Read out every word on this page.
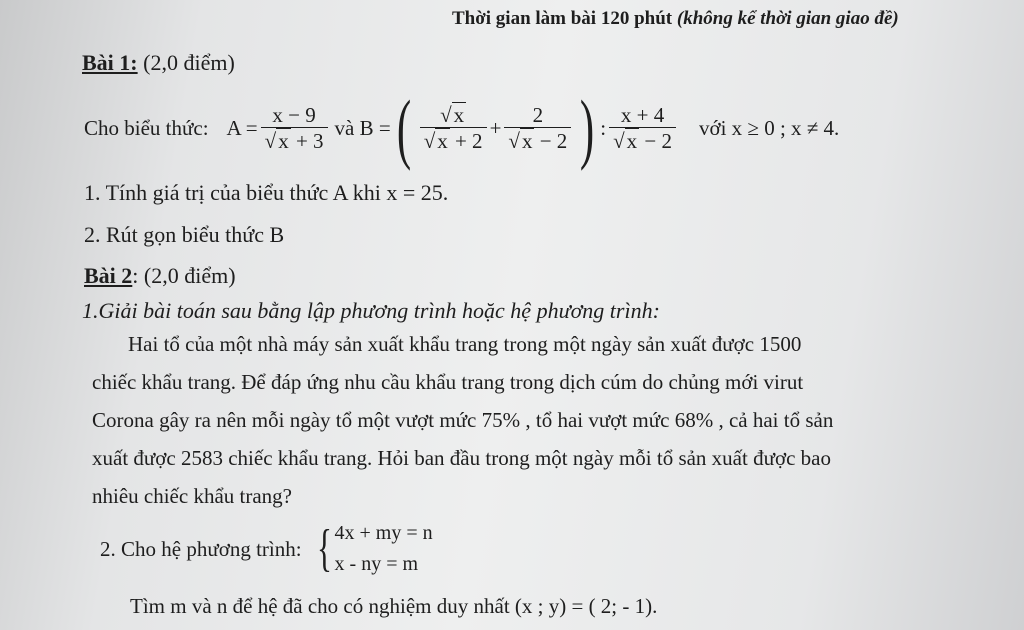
Thời gian làm bài 120 phút (không kể thời gian giao đề)
Bài 1: (2,0 điểm)
Cho biểu thức: $A = \frac{x - 9}{√x + 3}$ và B = ( $\frac{√x}{√x + 2} + \frac{2}{√x - 2}$ ) : $\frac{x + 4}{√x - 2}$ với x ≥ 0 ; x ≠ 4.
1. Tính giá trị của biểu thức A khi x = 25.
2. Rút gọn biểu thức B
Bài 2: (2,0 điểm)
1.Giải bài toán sau bằng lập phương trình hoặc hệ phương trình:
Hai tổ của một nhà máy sản xuất khẩu trang trong một ngày sản xuất được 1500
chiếc khẩu trang. Để đáp ứng nhu cầu khẩu trang trong dịch cúm do chủng mới virut
Corona gây ra nên mỗi ngày tổ một vượt mức 75% , tổ hai vượt mức 68% , cả hai tổ sản
xuất được 2583 chiếc khẩu trang. Hỏi ban đầu trong một ngày mỗi tổ sản xuất được bao
nhiêu chiếc khẩu trang?
2. Cho hệ phương trình: { 4x + my = n
x - ny = m
Tìm m và n để hệ đã cho có nghiệm duy nhất (x ; y) = ( 2; - 1).
